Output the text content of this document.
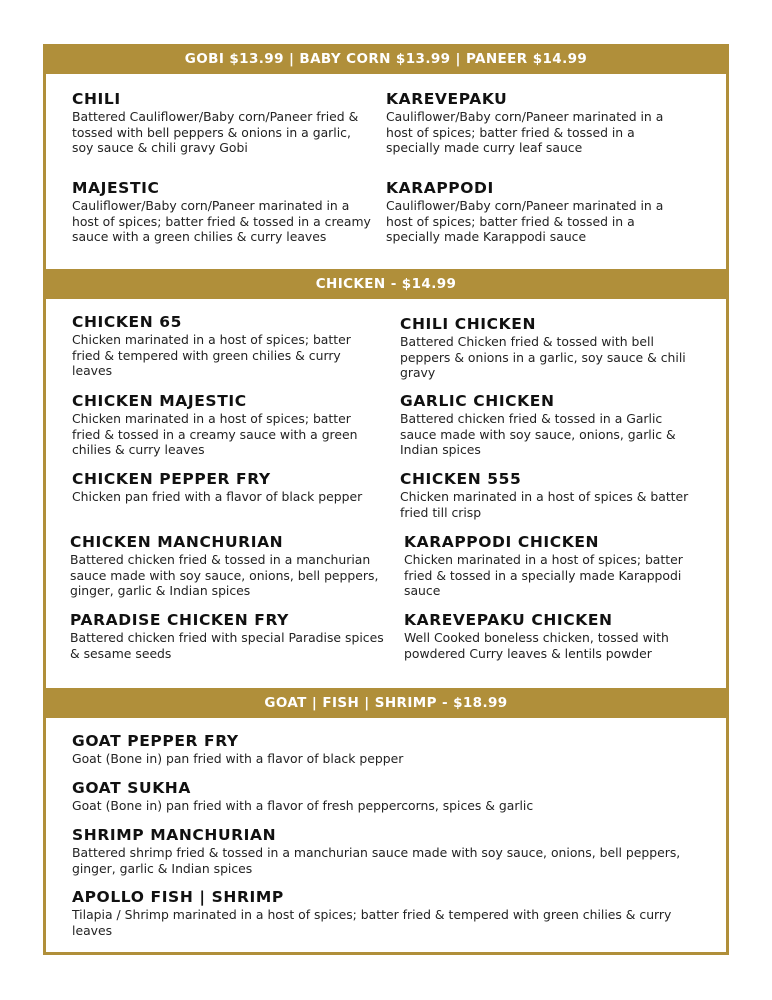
GOBI $13.99 | BABY CORN $13.99 | PANEER $14.99
CHILI

Battered Cauliflower/Baby corn/Paneer fried & tossed with bell peppers & onions in a garlic, soy sauce & chili gravy Gobi

KAREVEPAKU

Cauliflower/Baby corn/Paneer marinated in a host of spices; batter fried & tossed in a specially made curry leaf sauce

MAJESTIC

Cauliflower/Baby corn/Paneer marinated in a host of spices; batter fried & tossed in a creamy sauce with a green chilies & curry leaves

KARAPPODI

Cauliflower/Baby corn/Paneer marinated in a host of spices; batter fried & tossed in a specially made Karappodi sauce

CHICKEN - $14.99
CHICKEN 65

Chicken marinated in a host of spices; batter fried & tempered with green chilies & curry leaves

CHILI CHICKEN

Battered Chicken fried & tossed with bell peppers & onions in a garlic, soy sauce & chili gravy

CHICKEN MAJESTIC

Chicken marinated in a host of spices; batter fried & tossed in a creamy sauce with a green chilies & curry leaves

GARLIC CHICKEN

Battered chicken fried & tossed in a Garlic sauce made with soy sauce, onions, garlic & Indian spices

CHICKEN PEPPER FRY

Chicken pan fried with a flavor of black pepper

CHICKEN 555

Chicken marinated in a host of spices & batter fried till crisp

CHICKEN MANCHURIAN

Battered chicken fried & tossed in a manchurian sauce made with soy sauce, onions, bell peppers, ginger, garlic & Indian spices

KARAPPODI CHICKEN

Chicken marinated in a host of spices; batter fried & tossed in a specially made Karappodi sauce

PARADISE CHICKEN FRY

Battered chicken fried with special Paradise spices & sesame seeds

KAREVEPAKU CHICKEN

Well Cooked boneless chicken, tossed with powdered Curry leaves & lentils powder

GOAT | FISH | SHRIMP - $18.99
GOAT PEPPER FRY

Goat (Bone in) pan fried with a flavor of black pepper

GOAT SUKHA

Goat (Bone in) pan fried with a flavor of fresh peppercorns, spices & garlic

SHRIMP MANCHURIAN

Battered shrimp fried & tossed in a manchurian sauce made with soy sauce, onions, bell peppers, ginger, garlic & Indian spices

APOLLO FISH | SHRIMP

Tilapia / Shrimp marinated in a host of spices; batter fried & tempered with green chilies & curry leaves
